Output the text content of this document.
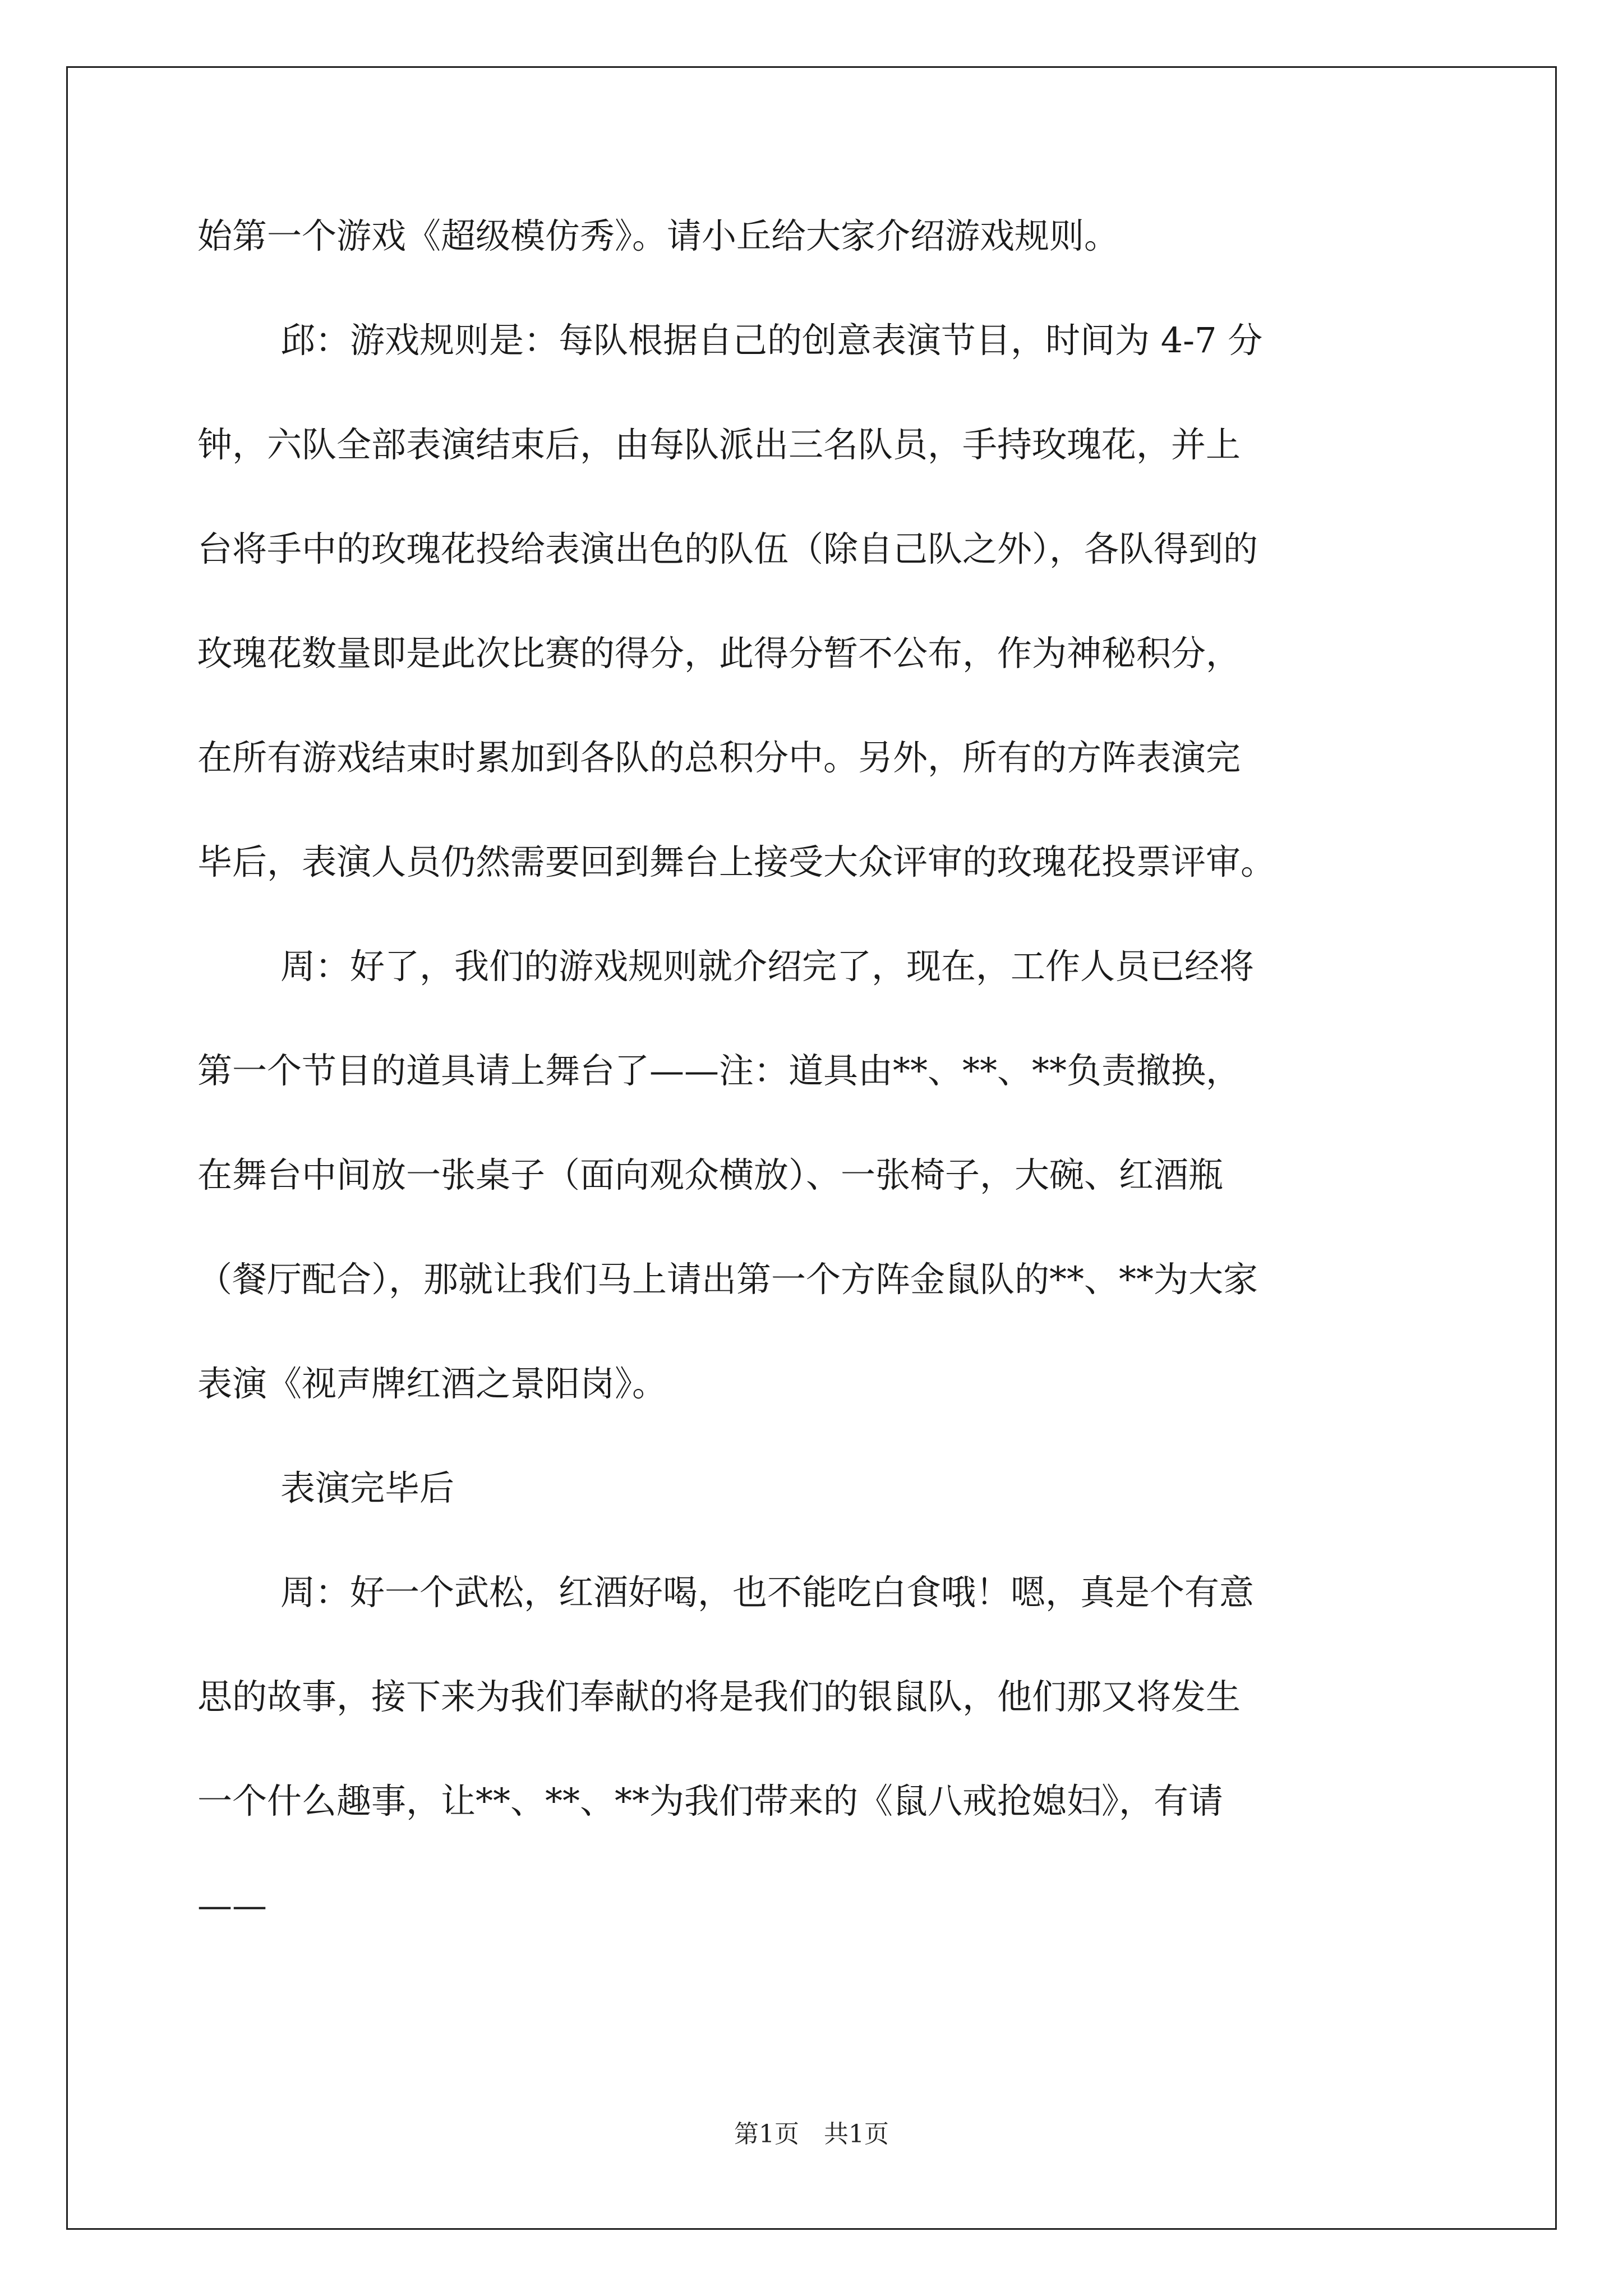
始第一个游戏《超级模仿秀》。请小丘给大家介绍游戏规则。
邱：游戏规则是：每队根据自己的创意表演节目，时间为 4-7 分
钟，六队全部表演结束后，由每队派出三名队员，手持玫瑰花，并上
台将手中的玫瑰花投给表演出色的队伍（除自己队之外），各队得到的
玫瑰花数量即是此次比赛的得分，此得分暂不公布，作为神秘积分，
在所有游戏结束时累加到各队的总积分中。另外，所有的方阵表演完
毕后，表演人员仍然需要回到舞台上接受大众评审的玫瑰花投票评审。
周：好了，我们的游戏规则就介绍完了，现在，工作人员已经将
第一个节目的道具请上舞台了——注：道具由**、**、**负责撤换，
在舞台中间放一张桌子（面向观众横放）、一张椅子，大碗、红酒瓶
（餐厅配合），那就让我们马上请出第一个方阵金鼠队的**、**为大家
表演《视声牌红酒之景阳岗》。
表演完毕后
周：好一个武松，红酒好喝，也不能吃白食哦！嗯，真是个有意
思的故事，接下来为我们奉献的将是我们的银鼠队，他们那又将发生
一个什么趣事，让**、**、**为我们带来的《鼠八戒抢媳妇》，有请
——
第1页　共1页
